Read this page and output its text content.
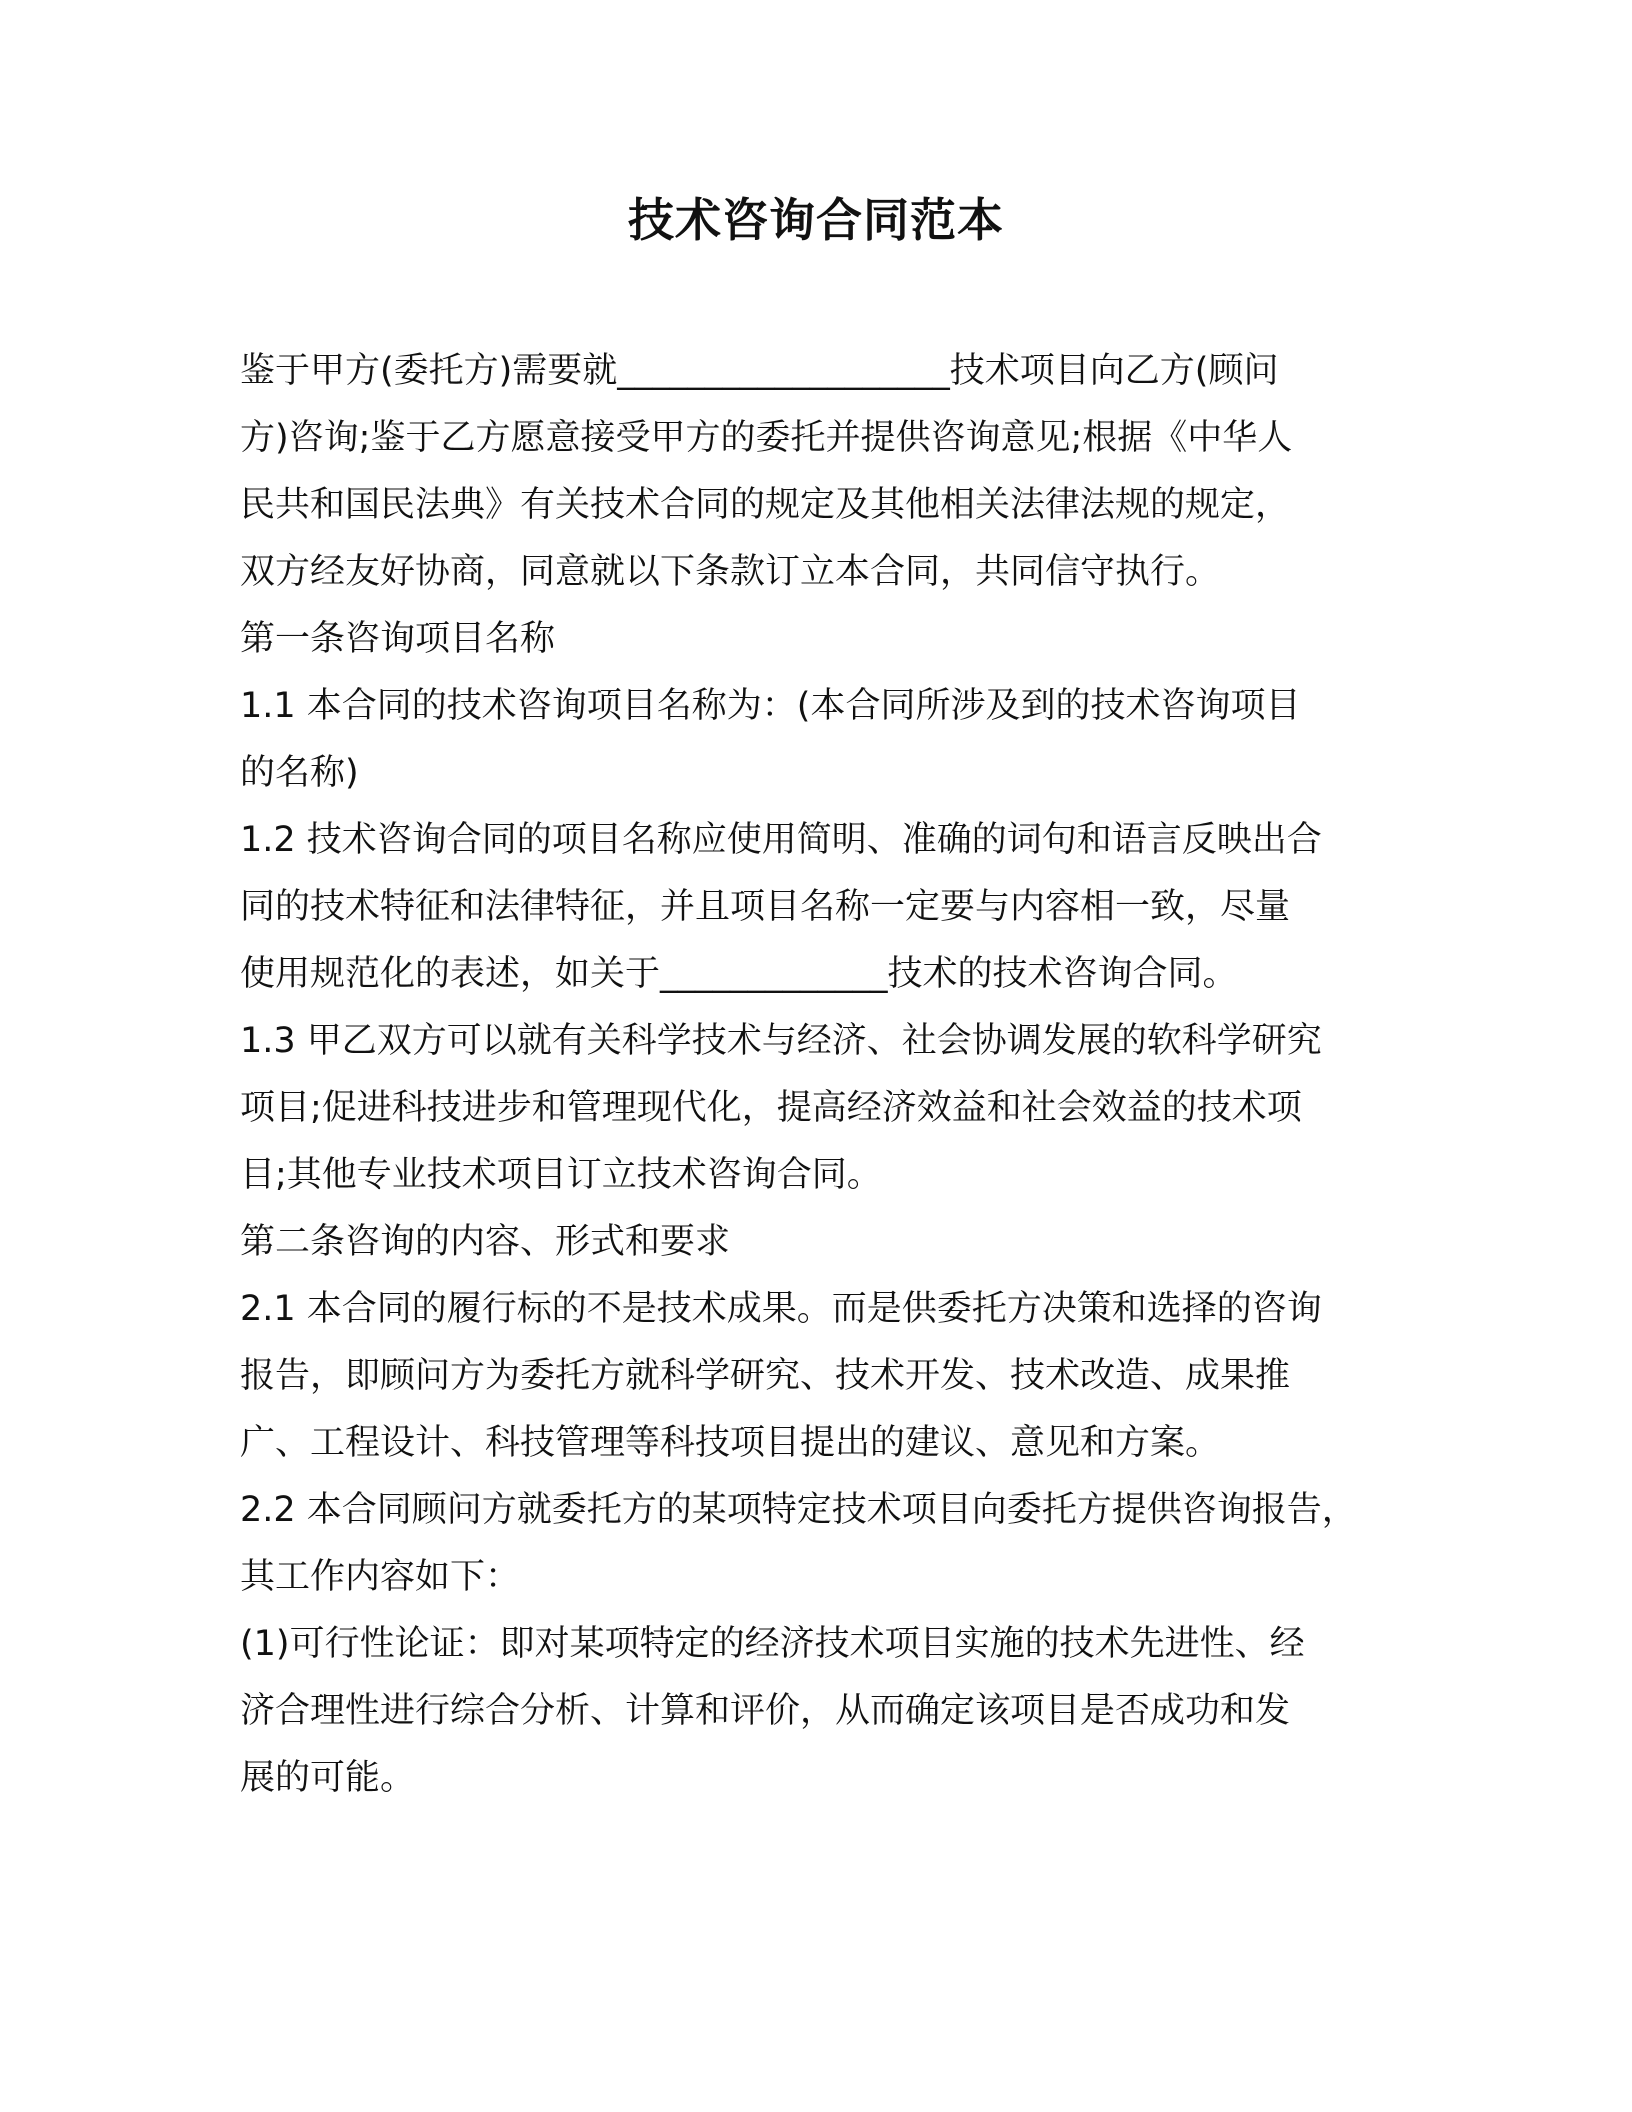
技术咨询合同范本
鉴于甲方(委托方)需要就___________________技术项目向乙方(顾问
方)咨询;鉴于乙方愿意接受甲方的委托并提供咨询意见;根据《中华人
民共和国民法典》有关技术合同的规定及其他相关法律法规的规定，
双方经友好协商，同意就以下条款订立本合同，共同信守执行。
第一条咨询项目名称
1.1 本合同的技术咨询项目名称为：(本合同所涉及到的技术咨询项目
的名称)
1.2 技术咨询合同的项目名称应使用简明、准确的词句和语言反映出合
同的技术特征和法律特征，并且项目名称一定要与内容相一致，尽量
使用规范化的表述，如关于_____________技术的技术咨询合同。
1.3 甲乙双方可以就有关科学技术与经济、社会协调发展的软科学研究
项目;促进科技进步和管理现代化，提高经济效益和社会效益的技术项
目;其他专业技术项目订立技术咨询合同。
第二条咨询的内容、形式和要求
2.1 本合同的履行标的不是技术成果。而是供委托方决策和选择的咨询
报告，即顾问方为委托方就科学研究、技术开发、技术改造、成果推
广、工程设计、科技管理等科技项目提出的建议、意见和方案。
2.2 本合同顾问方就委托方的某项特定技术项目向委托方提供咨询报告，
其工作内容如下：
(1)可行性论证：即对某项特定的经济技术项目实施的技术先进性、经
济合理性进行综合分析、计算和评价，从而确定该项目是否成功和发
展的可能。
